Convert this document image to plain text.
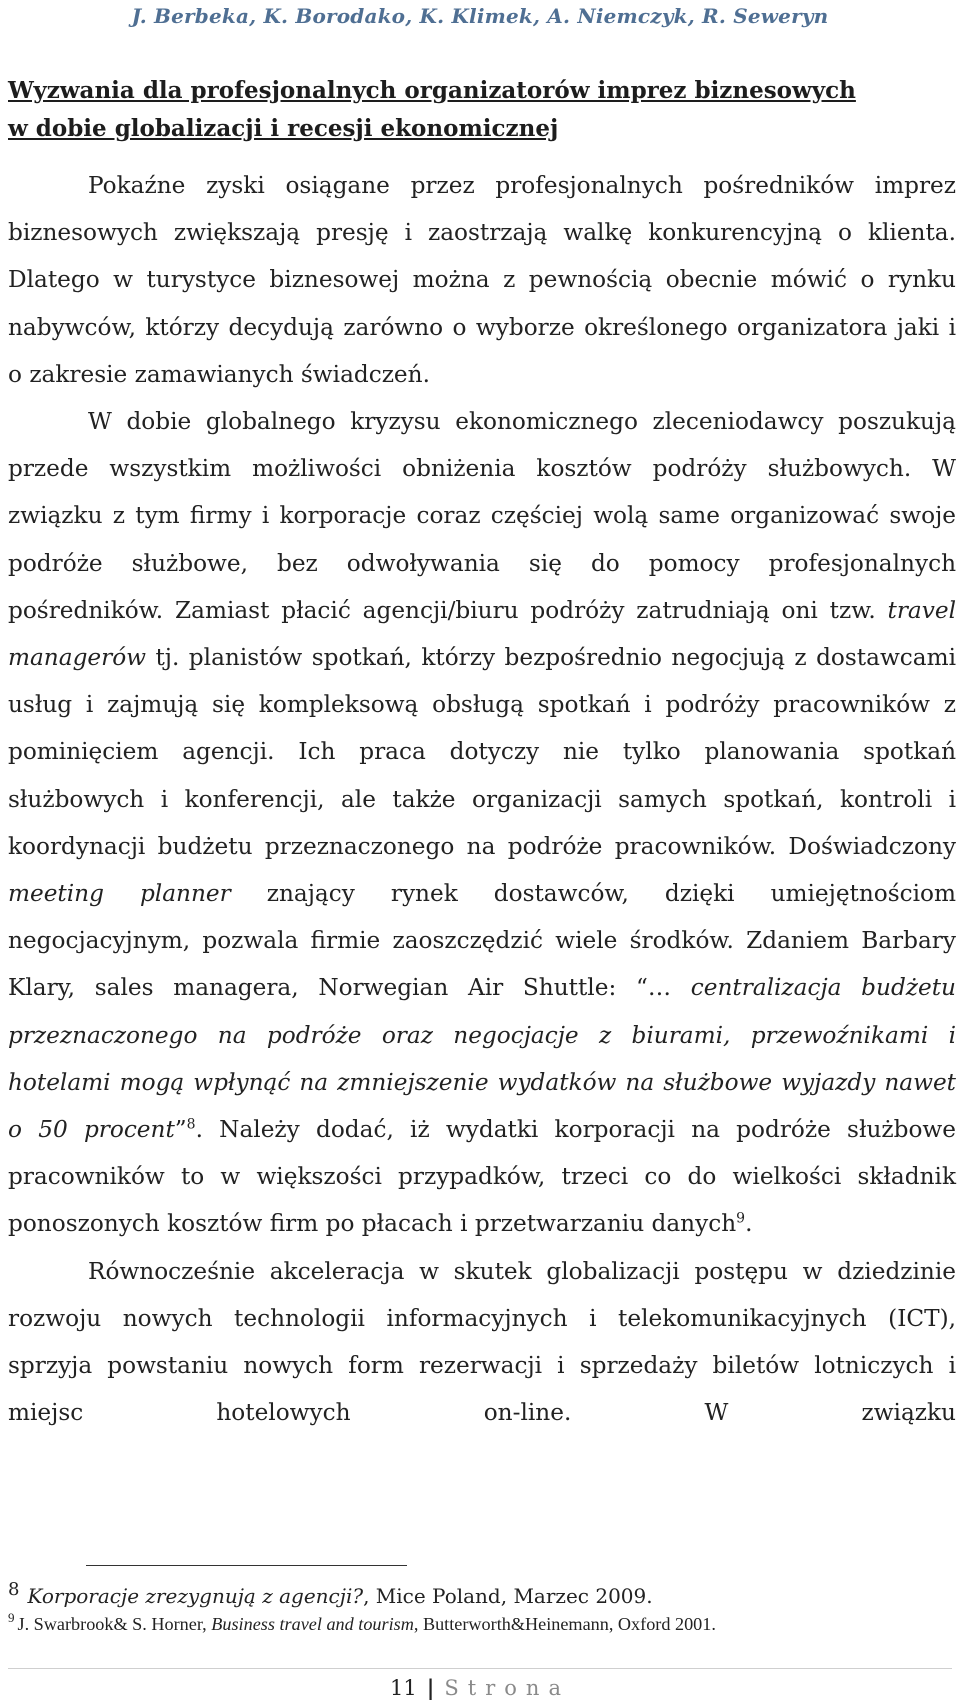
J. Berbeka, K. Borodako, K. Klimek, A. Niemczyk, R. Seweryn
Wyzwania dla profesjonalnych organizatorów imprez biznesowych
w dobie globalizacji i recesji ekonomicznej

Pokaźne zyski osiągane przez profesjonalnych pośredników imprez biznesowych zwiększają presję i zaostrzają walkę konkurencyjną o klienta. Dlatego w turystyce biznesowej można z pewnością obecnie mówić o rynku nabywców, którzy decydują zarówno o wyborze określonego organizatora jaki i o zakresie zamawianych świadczeń.

W dobie globalnego kryzysu ekonomicznego zleceniodawcy poszukują przede wszystkim możliwości obniżenia kosztów podróży służbowych. W związku z tym firmy i korporacje coraz częściej wolą same organizować swoje podróże służbowe, bez odwoływania się do pomocy profesjonalnych pośredników. Zamiast płacić agencji/biuru podróży zatrudniają oni tzw. travel managerów tj. planistów spotkań, którzy bezpośrednio negocjują z dostawcami usług i zajmują się kompleksową obsługą spotkań i podróży pracowników z pominięciem agencji. Ich praca dotyczy nie tylko planowania spotkań służbowych i konferencji, ale także organizacji samych spotkań, kontroli i koordynacji budżetu przeznaczonego na podróże pracowników. Doświadczony meeting planner znający rynek dostawców, dzięki umiejętnościom negocjacyjnym, pozwala firmie zaoszczędzić wiele środków. Zdaniem Barbary Klary, sales managera, Norwegian Air Shuttle: “… centralizacja budżetu przeznaczonego na podróże oraz negocjacje z biurami, przewoźnikami i hotelami mogą wpłynąć na zmniejszenie wydatków na służbowe wyjazdy nawet o 50 procent”$^8$. Należy dodać, iż wydatki korporacji na podróże służbowe pracowników to w większości przypadków, trzeci co do wielkości składnik ponoszonych kosztów firm po płacach i przetwarzaniu danych$^9$.

Równocześnie akceleracja w skutek globalizacji postępu w dziedzinie rozwoju nowych technologii informacyjnych i telekomunikacyjnych (ICT), sprzyja powstaniu nowych form rezerwacji i sprzedaży biletów lotniczych i miejsc hotelowych on-line. W związku

8 Korporacje zrezygnują z agencji?, Mice Poland, Marzec 2009.
$^9$ J. Swarbrook& S. Horner, Business travel and tourism, Butterworth&Heinemann, Oxford 2001.
11 | Strona
